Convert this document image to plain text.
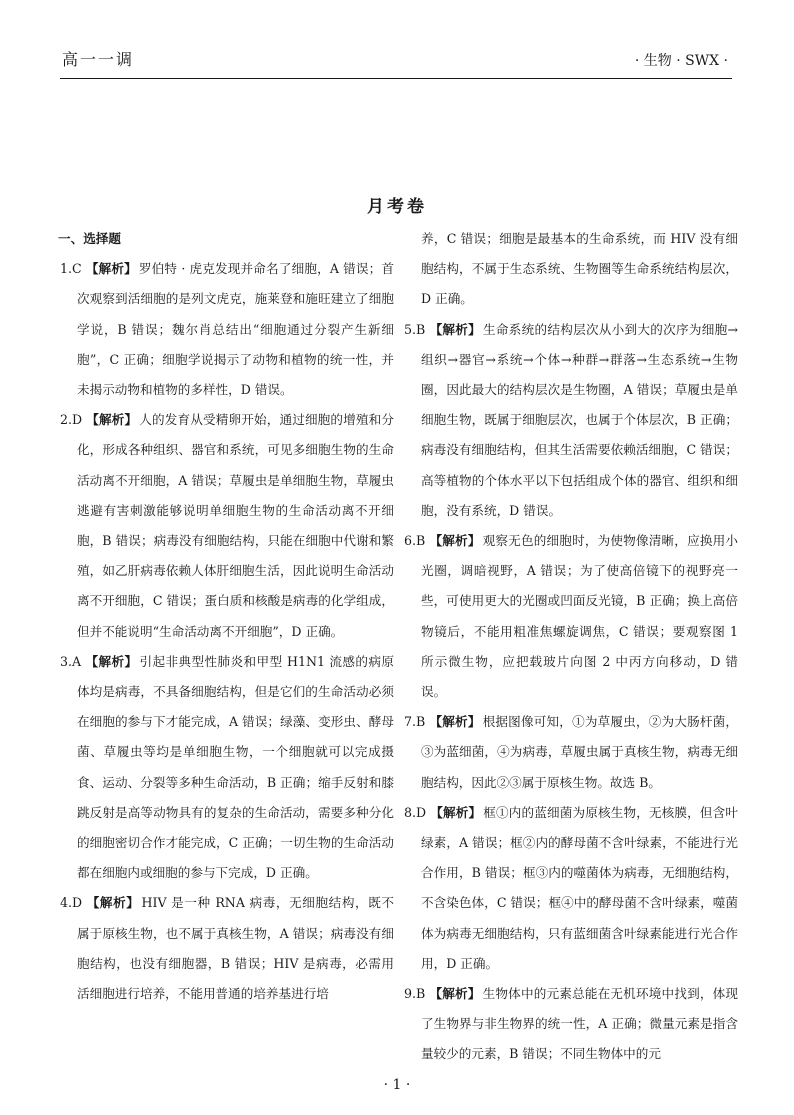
高一一调	· 生物 · SWX ·
月考卷
一、选择题

1.C 【解析】 罗伯特 · 虎克发现并命名了细胞，A 错误；首次观察到活细胞的是列文虎克，施莱登和施旺建立了细胞学说，B 错误；魏尔肖总结出“细胞通过分裂产生新细胞”，C 正确；细胞学说揭示了动物和植物的统一性，并未揭示动物和植物的多样性，D 错误。

2.D 【解析】 人的发育从受精卵开始，通过细胞的增殖和分化，形成各种组织、器官和系统，可见多细胞生物的生命活动离不开细胞，A 错误；草履虫是单细胞生物，草履虫逃避有害刺激能够说明单细胞生物的生命活动离不开细胞，B 错误；病毒没有细胞结构，只能在细胞中代谢和繁殖，如乙肝病毒依赖人体肝细胞生活，因此说明生命活动离不开细胞，C 错误；蛋白质和核酸是病毒的化学组成，但并不能说明“生命活动离不开细胞”，D 正确。

3.A 【解析】 引起非典型性肺炎和甲型 H1N1 流感的病原体均是病毒，不具备细胞结构，但是它们的生命活动必须在细胞的参与下才能完成，A 错误；绿藻、变形虫、酵母菌、草履虫等均是单细胞生物，一个细胞就可以完成摄食、运动、分裂等多种生命活动，B 正确；缩手反射和膝跳反射是高等动物具有的复杂的生命活动，需要多种分化的细胞密切合作才能完成，C 正确；一切生物的生命活动都在细胞内或细胞的参与下完成，D 正确。

4.D 【解析】 HIV 是一种 RNA 病毒，无细胞结构，既不属于原核生物，也不属于真核生物，A 错误；病毒没有细胞结构，也没有细胞器，B 错误；HIV 是病毒，必需用活细胞进行培养，不能用普通的培养基进行培

养，C 错误；细胞是最基本的生命系统，而 HIV 没有细胞结构，不属于生态系统、生物圈等生命系统结构层次，D 正确。

5.B 【解析】 生命系统的结构层次从小到大的次序为细胞→组织→器官→系统→个体→种群→群落→生态系统→生物圈，因此最大的结构层次是生物圈，A 错误；草履虫是单细胞生物，既属于细胞层次，也属于个体层次，B 正确；病毒没有细胞结构，但其生活需要依赖活细胞，C 错误；高等植物的个体水平以下包括组成个体的器官、组织和细胞，没有系统，D 错误。

6.B 【解析】 观察无色的细胞时，为使物像清晰，应换用小光圈，调暗视野，A 错误；为了使高倍镜下的视野亮一些，可使用更大的光圈或凹面反光镜，B 正确；换上高倍物镜后，不能用粗准焦螺旋调焦，C 错误；要观察图 1 所示微生物，应把载玻片向图 2 中丙方向移动，D 错误。

7.B 【解析】 根据图像可知，①为草履虫，②为大肠杆菌，③为蓝细菌，④为病毒，草履虫属于真核生物，病毒无细胞结构，因此②③属于原核生物。故选 B。

8.D 【解析】 框①内的蓝细菌为原核生物，无核膜，但含叶绿素，A 错误；框②内的酵母菌不含叶绿素，不能进行光合作用，B 错误；框③内的噬菌体为病毒，无细胞结构，不含染色体，C 错误；框④中的酵母菌不含叶绿素，噬菌体为病毒无细胞结构，只有蓝细菌含叶绿素能进行光合作用，D 正确。

9.B 【解析】 生物体中的元素总能在无机环境中找到，体现了生物界与非生物界的统一性，A 正确；微量元素是指含量较少的元素，B 错误；不同生物体中的元

· 1 ·
